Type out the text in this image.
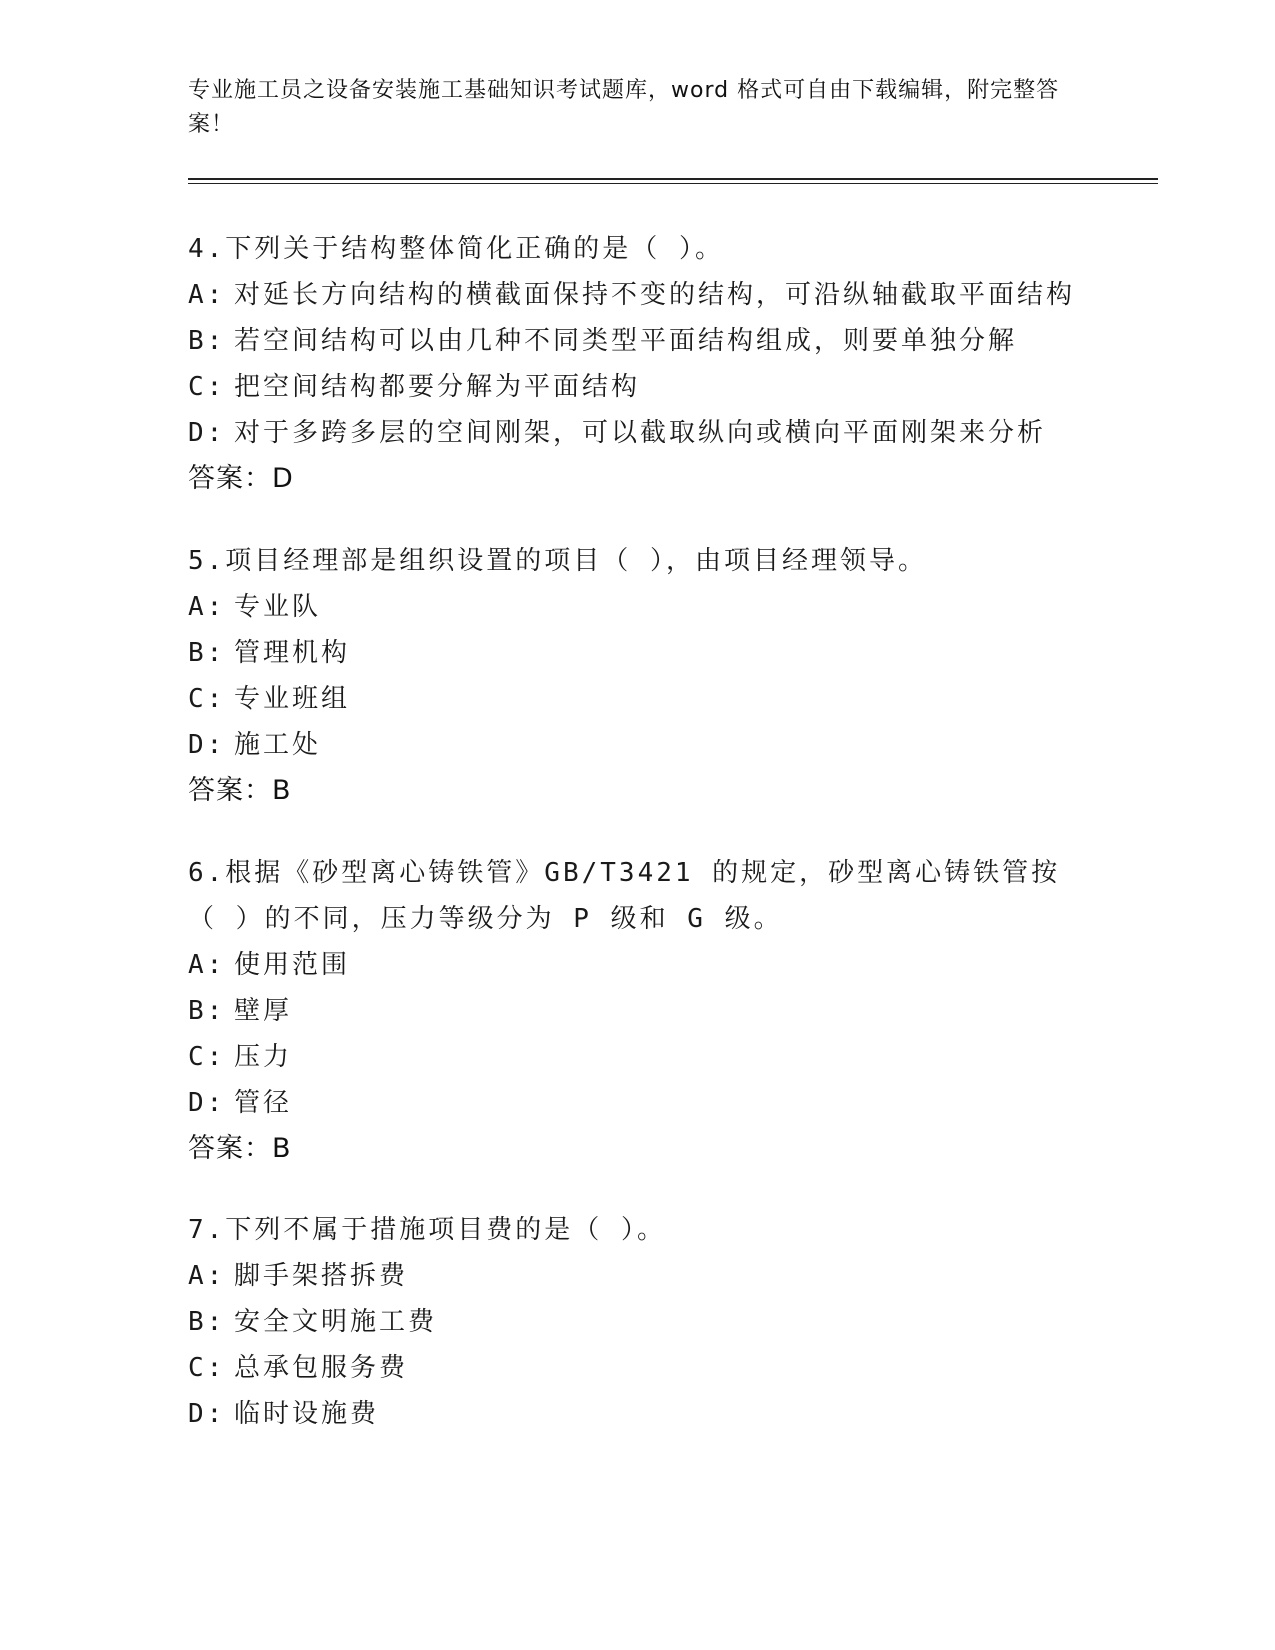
专业施工员之设备安装施工基础知识考试题库，word 格式可自由下载编辑，附完整答案！
4.下列关于结构整体简化正确的是（ ）。
A: 对延长方向结构的横截面保持不变的结构，可沿纵轴截取平面结构
B: 若空间结构可以由几种不同类型平面结构组成，则要单独分解
C: 把空间结构都要分解为平面结构
D: 对于多跨多层的空间刚架，可以截取纵向或横向平面刚架来分析
答案：D
5.项目经理部是组织设置的项目（ ），由项目经理领导。
A: 专业队
B: 管理机构
C: 专业班组
D: 施工处
答案：B
6.根据《砂型离心铸铁管》GB/T3421 的规定，砂型离心铸铁管按（ ）的不同，压力等级分为 P 级和 G 级。
A: 使用范围
B: 壁厚
C: 压力
D: 管径
答案：B
7.下列不属于措施项目费的是（ ）。
A: 脚手架搭拆费
B: 安全文明施工费
C: 总承包服务费
D: 临时设施费
